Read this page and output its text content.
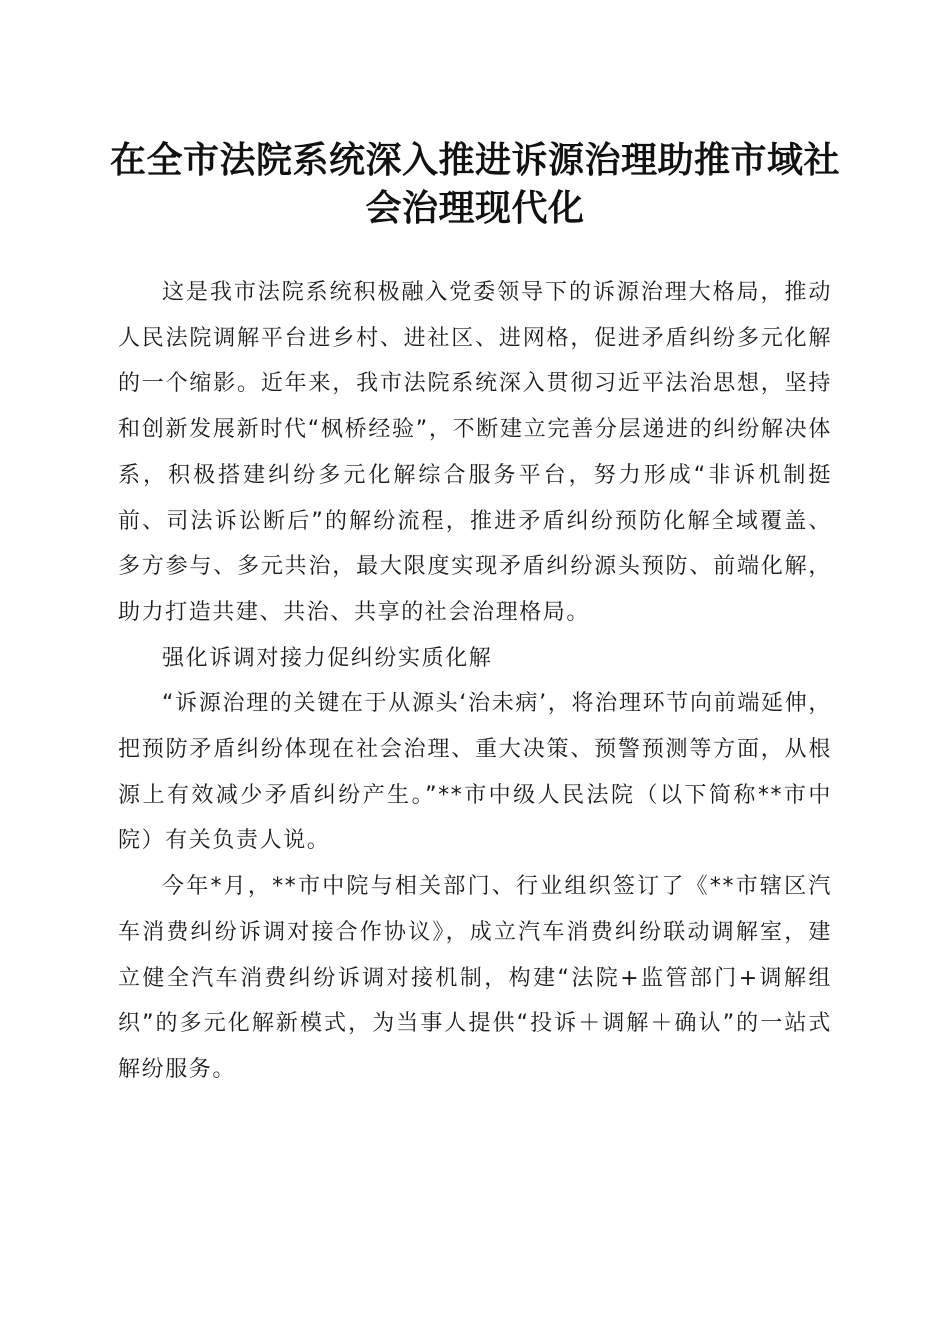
在全市法院系统深入推进诉源治理助推市域社
会治理现代化

这是我市法院系统积极融入党委领导下的诉源治理大格局，推动人民法院调解平台进乡村、进社区、进网格，促进矛盾纠纷多元化解的一个缩影。近年来，我市法院系统深入贯彻习近平法治思想，坚持和创新发展新时代“枫桥经验”，不断建立完善分层递进的纠纷解决体系，积极搭建纠纷多元化解综合服务平台，努力形成“非诉机制挺前、司法诉讼断后”的解纷流程，推进矛盾纠纷预防化解全域覆盖、多方参与、多元共治，最大限度实现矛盾纠纷源头预防、前端化解，助力打造共建、共治、共享的社会治理格局。

强化诉调对接力促纠纷实质化解

“诉源治理的关键在于从源头‘治未病’，将治理环节向前端延伸，把预防矛盾纠纷体现在社会治理、重大决策、预警预测等方面，从根源上有效减少矛盾纠纷产生。”**市中级人民法院（以下简称**市中院）有关负责人说。

今年*月，**市中院与相关部门、行业组织签订了《**市辖区汽车消费纠纷诉调对接合作协议》，成立汽车消费纠纷联动调解室，建立健全汽车消费纠纷诉调对接机制，构建“法院+监管部门+调解组织”的多元化解新模式，为当事人提供“投诉＋调解＋确认”的一站式解纷服务。
